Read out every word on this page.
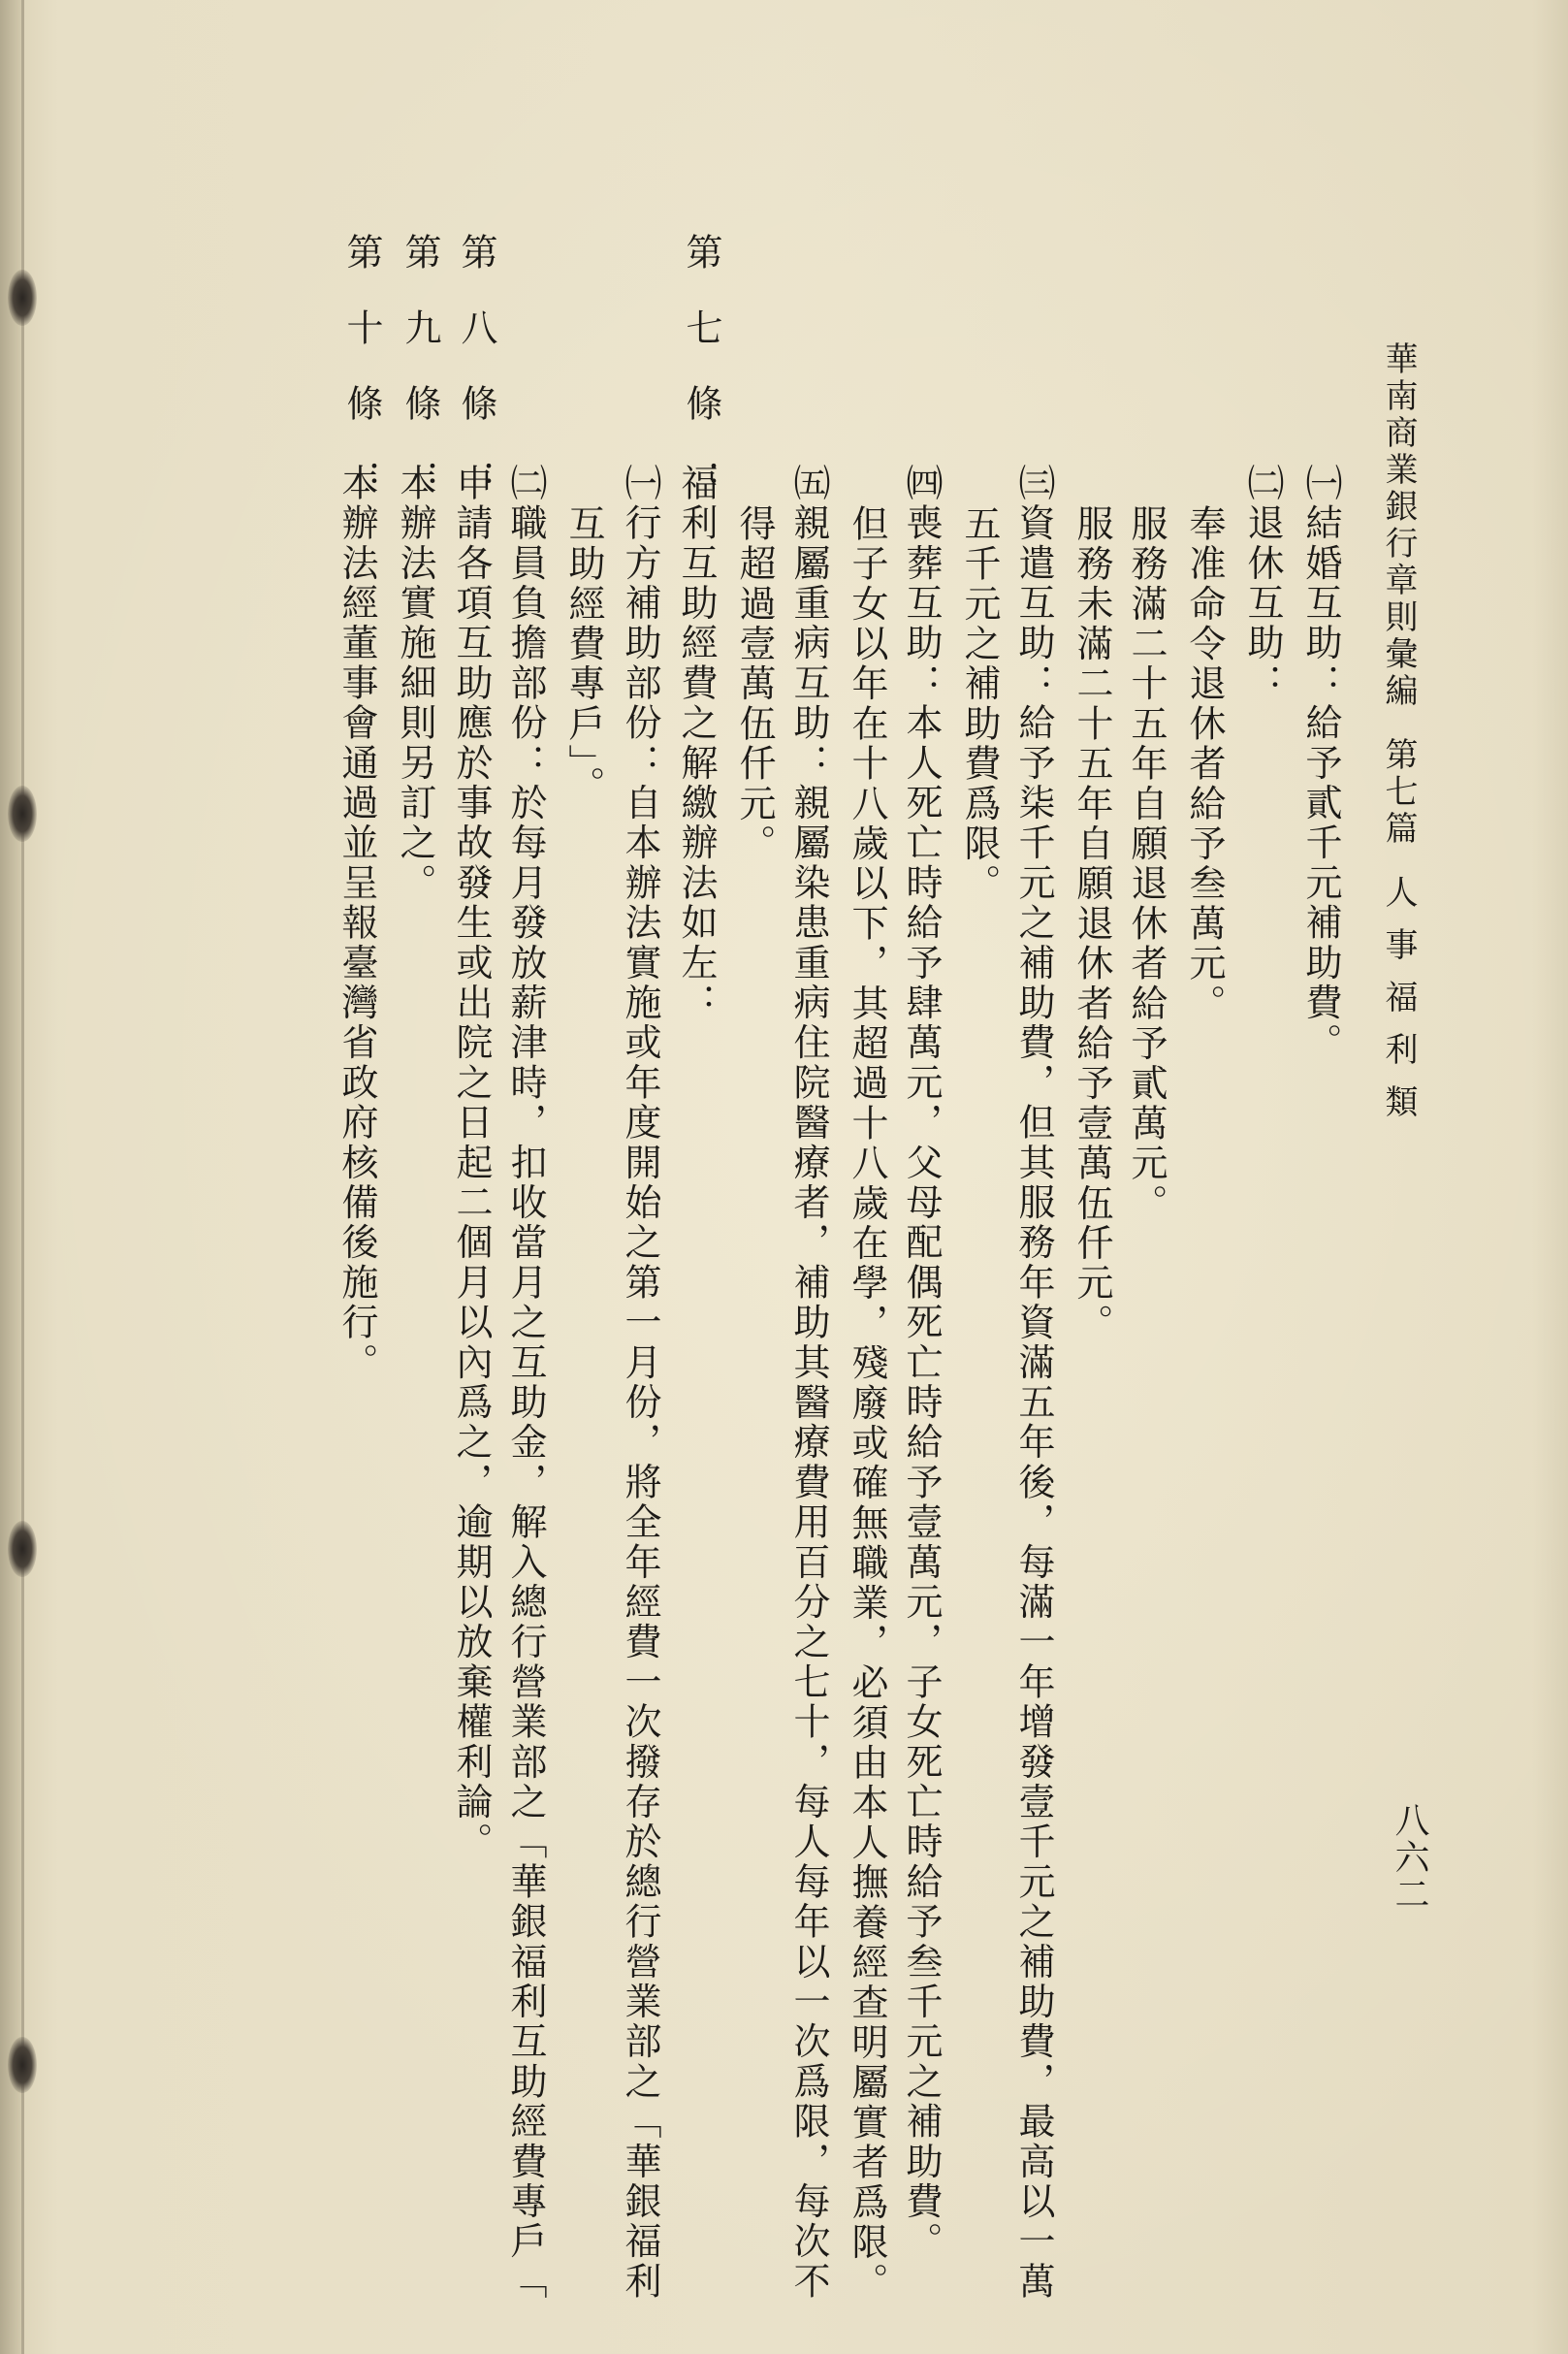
華南商業銀行章則彙編第七篇人事福利類
八六二
㈠結婚互助：給予貳千元補助費。
㈡退休互助：
奉准命令退休者給予叁萬元。
服務滿二十五年自願退休者給予貳萬元。
服務未滿二十五年自願退休者給予壹萬伍仟元。
㈢資遣互助：給予柒千元之補助費，但其服務年資滿五年後，每滿一年增發壹千元之補助費，最高以一萬
五千元之補助費爲限。
㈣喪葬互助：本人死亡時給予肆萬元，父母配偶死亡時給予壹萬元，子女死亡時給予叁千元之補助費。
但子女以年在十八歲以下，其超過十八歲在學，殘廢或確無職業，必須由本人撫養經查明屬實者爲限。
㈤親屬重病互助：親屬染患重病住院醫療者，補助其醫療費用百分之七十，每人每年以一次爲限，每次不
得超過壹萬伍仟元。
第七條：
福利互助經費之解繳辦法如左：
㈠行方補助部份：自本辦法實施或年度開始之第一月份，將全年經費一次撥存於總行營業部之「華銀福利
互助經費專戶」。
㈡職員負擔部份：於每月發放薪津時，扣收當月之互助金，解入總行營業部之「華銀福利互助經費專戶「
第八條：
申請各項互助應於事故發生或出院之日起二個月以內爲之，逾期以放棄權利論。
第九條：
本辦法實施細則另訂之。
第十條：
本辦法經董事會通過並呈報臺灣省政府核備後施行。
